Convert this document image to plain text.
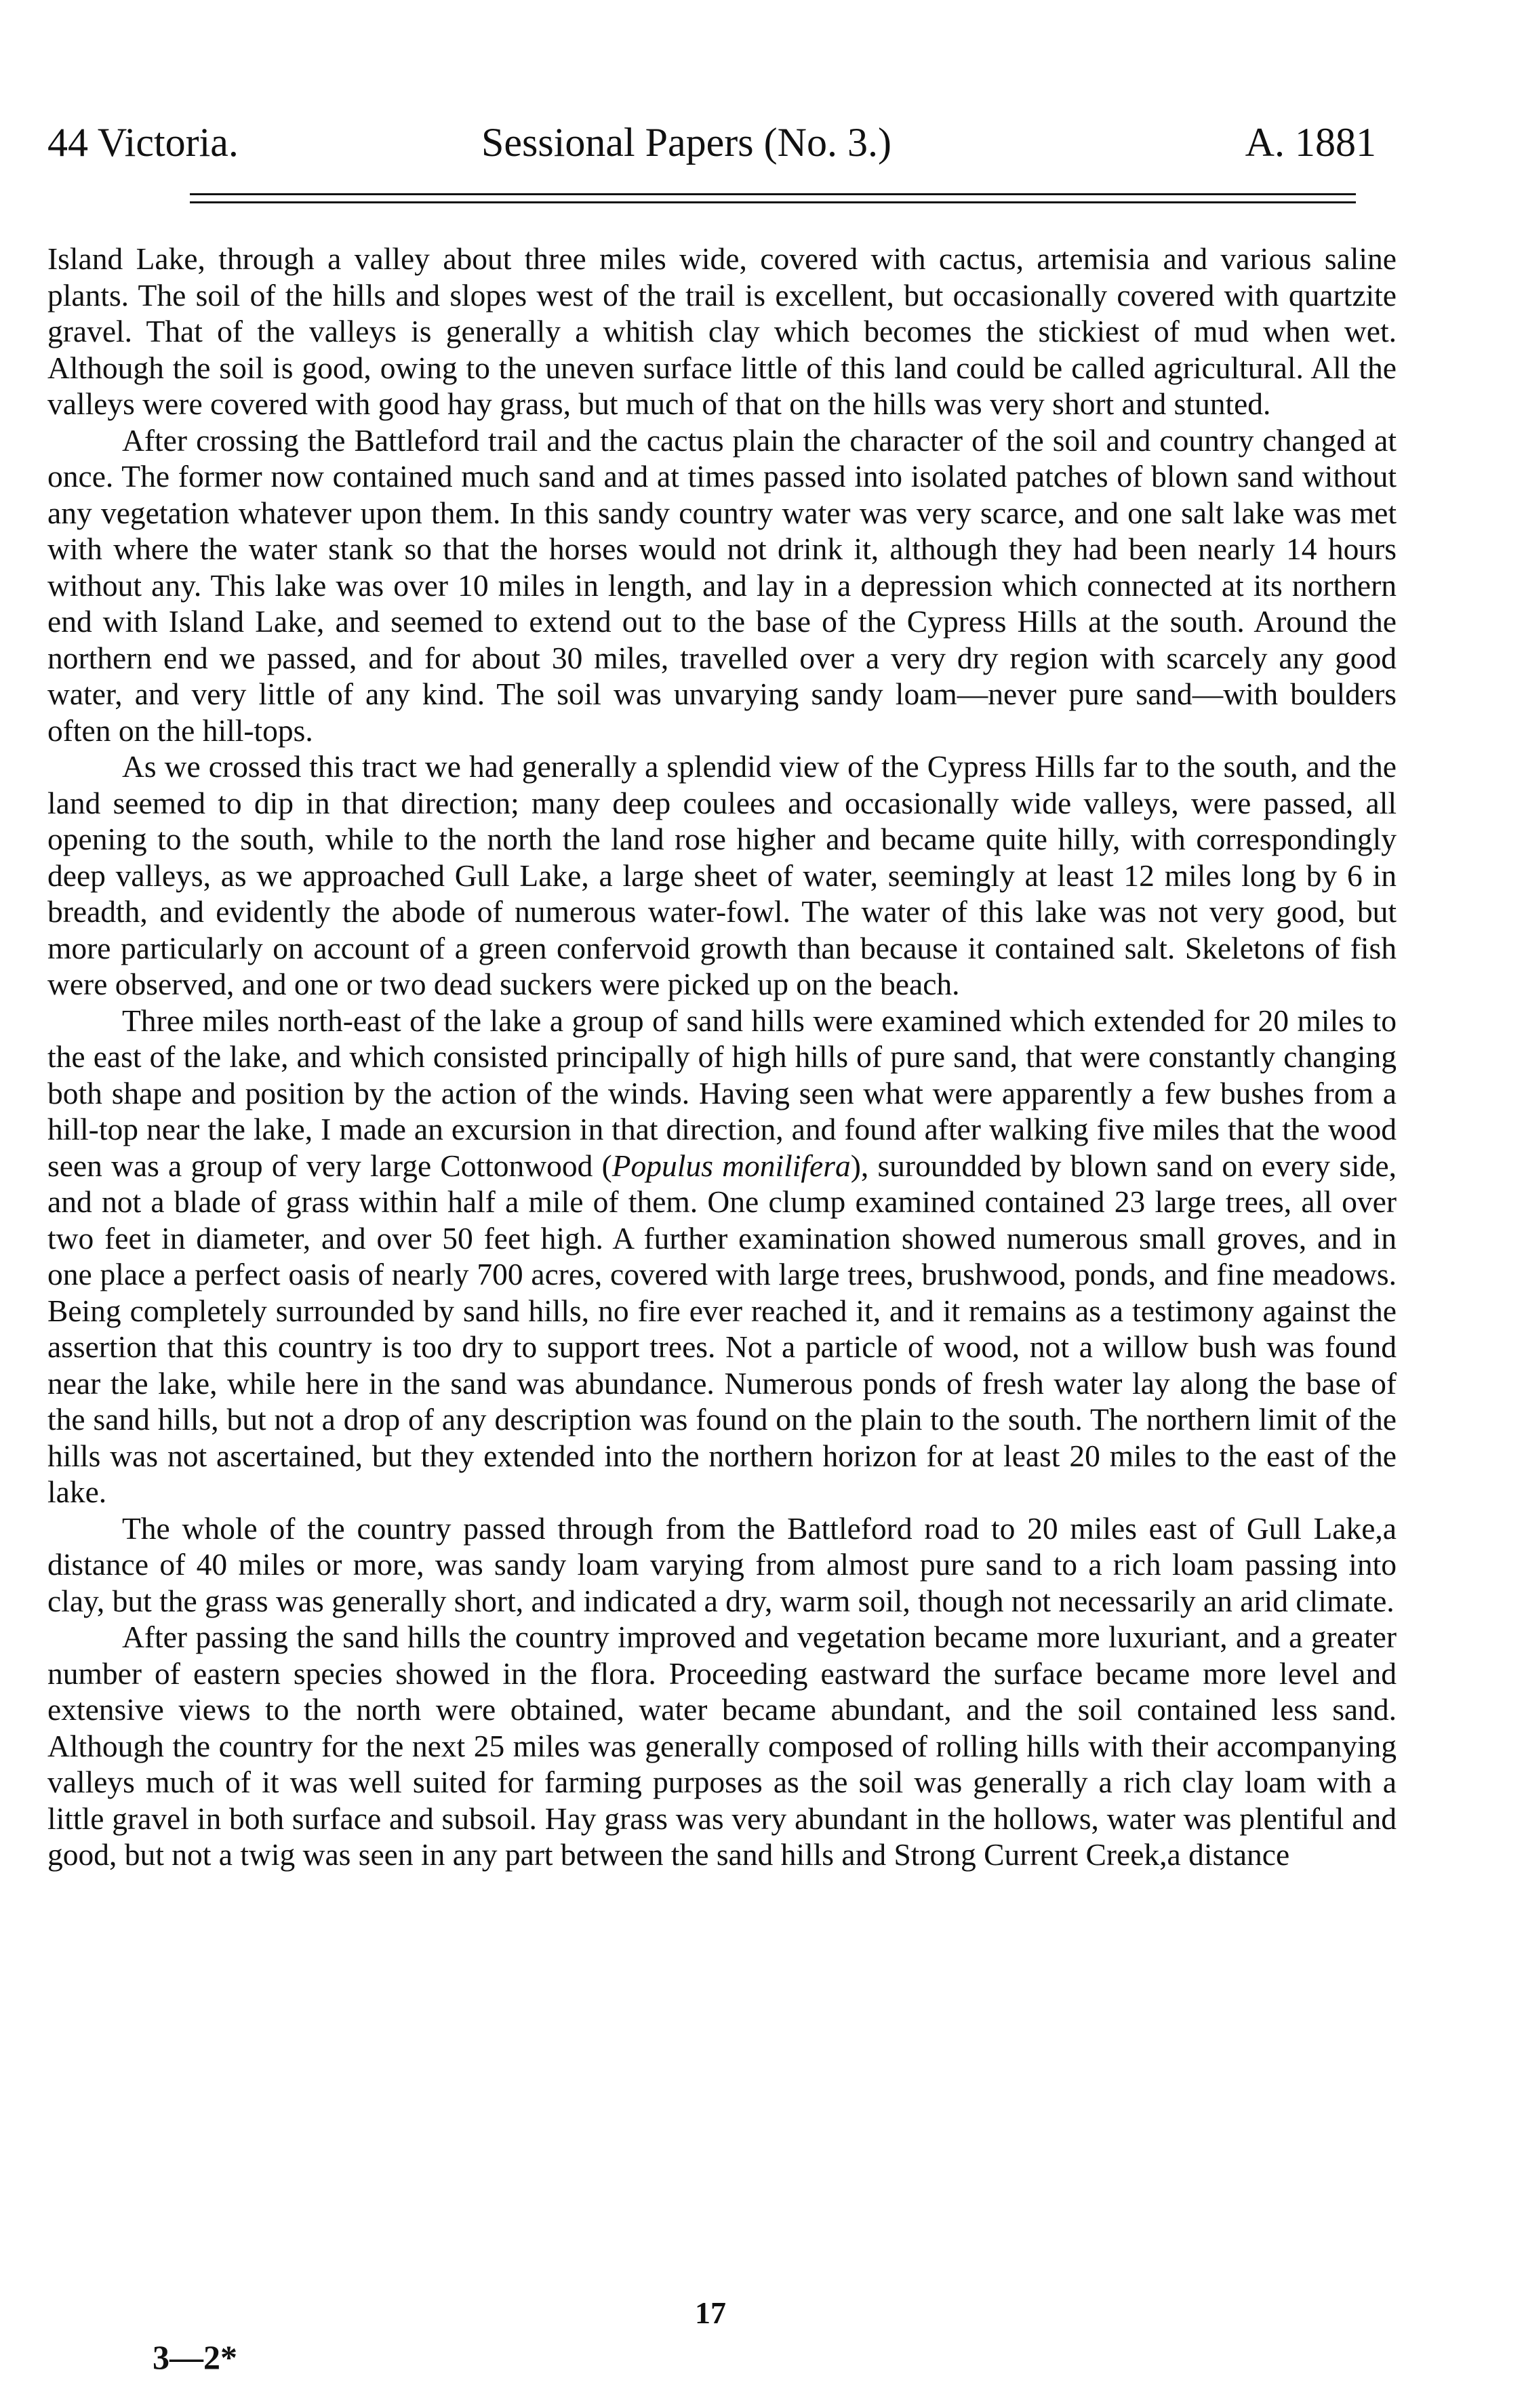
44 Victoria.	Sessional Papers (No. 3.)	A. 1881

Island Lake, through a valley about three miles wide, covered with cactus, artemisia and various saline plants. The soil of the hills and slopes west of the trail is excellent, but occasionally covered with quartzite gravel. That of the valleys is generally a whitish clay which becomes the stickiest of mud when wet. Although the soil is good, owing to the uneven surface little of this land could be called agricultural. All the valleys were covered with good hay grass, but much of that on the hills was very short and stunted.

After crossing the Battleford trail and the cactus plain the character of the soil and country changed at once. The former now contained much sand and at times passed into isolated patches of blown sand without any vegetation whatever upon them. In this sandy country water was very scarce, and one salt lake was met with where the water stank so that the horses would not drink it, although they had been nearly 14 hours without any. This lake was over 10 miles in length, and lay in a depression which connected at its northern end with Island Lake, and seemed to extend out to the base of the Cypress Hills at the south. Around the northern end we passed, and for about 30 miles, travelled over a very dry region with scarcely any good water, and very little of any kind. The soil was unvarying sandy loam—never pure sand—with boulders often on the hill-tops.

As we crossed this tract we had generally a splendid view of the Cypress Hills far to the south, and the land seemed to dip in that direction; many deep coulees and occasionally wide valleys, were passed, all opening to the south, while to the north the land rose higher and became quite hilly, with correspondingly deep valleys, as we approached Gull Lake, a large sheet of water, seemingly at least 12 miles long by 6 in breadth, and evidently the abode of numerous water-fowl. The water of this lake was not very good, but more particularly on account of a green confervoid growth than because it contained salt. Skeletons of fish were observed, and one or two dead suckers were picked up on the beach.

Three miles north-east of the lake a group of sand hills were examined which extended for 20 miles to the east of the lake, and which consisted principally of high hills of pure sand, that were constantly changing both shape and position by the action of the winds. Having seen what were apparently a few bushes from a hill-top near the lake, I made an excursion in that direction, and found after walking five miles that the wood seen was a group of very large Cottonwood (Populus monilifera), suroundded by blown sand on every side, and not a blade of grass within half a mile of them. One clump examined contained 23 large trees, all over two feet in diameter, and over 50 feet high. A further examination showed numerous small groves, and in one place a perfect oasis of nearly 700 acres, covered with large trees, brushwood, ponds, and fine meadows. Being completely surrounded by sand hills, no fire ever reached it, and it remains as a testimony against the assertion that this country is too dry to support trees. Not a particle of wood, not a willow bush was found near the lake, while here in the sand was abundance. Numerous ponds of fresh water lay along the base of the sand hills, but not a drop of any description was found on the plain to the south. The northern limit of the hills was not ascertained, but they extended into the northern horizon for at least 20 miles to the east of the lake.

The whole of the country passed through from the Battleford road to 20 miles east of Gull Lake,a distance of 40 miles or more, was sandy loam varying from almost pure sand to a rich loam passing into clay, but the grass was generally short, and indicated a dry, warm soil, though not necessarily an arid climate.

After passing the sand hills the country improved and vegetation became more luxuriant, and a greater number of eastern species showed in the flora. Proceeding eastward the surface became more level and extensive views to the north were obtained, water became abundant, and the soil contained less sand. Although the country for the next 25 miles was generally composed of rolling hills with their accompanying valleys much of it was well suited for farming purposes as the soil was generally a rich clay loam with a little gravel in both surface and subsoil. Hay grass was very abundant in the hollows, water was plentiful and good, but not a twig was seen in any part between the sand hills and Strong Current Creek,a distance

17
3—2*
